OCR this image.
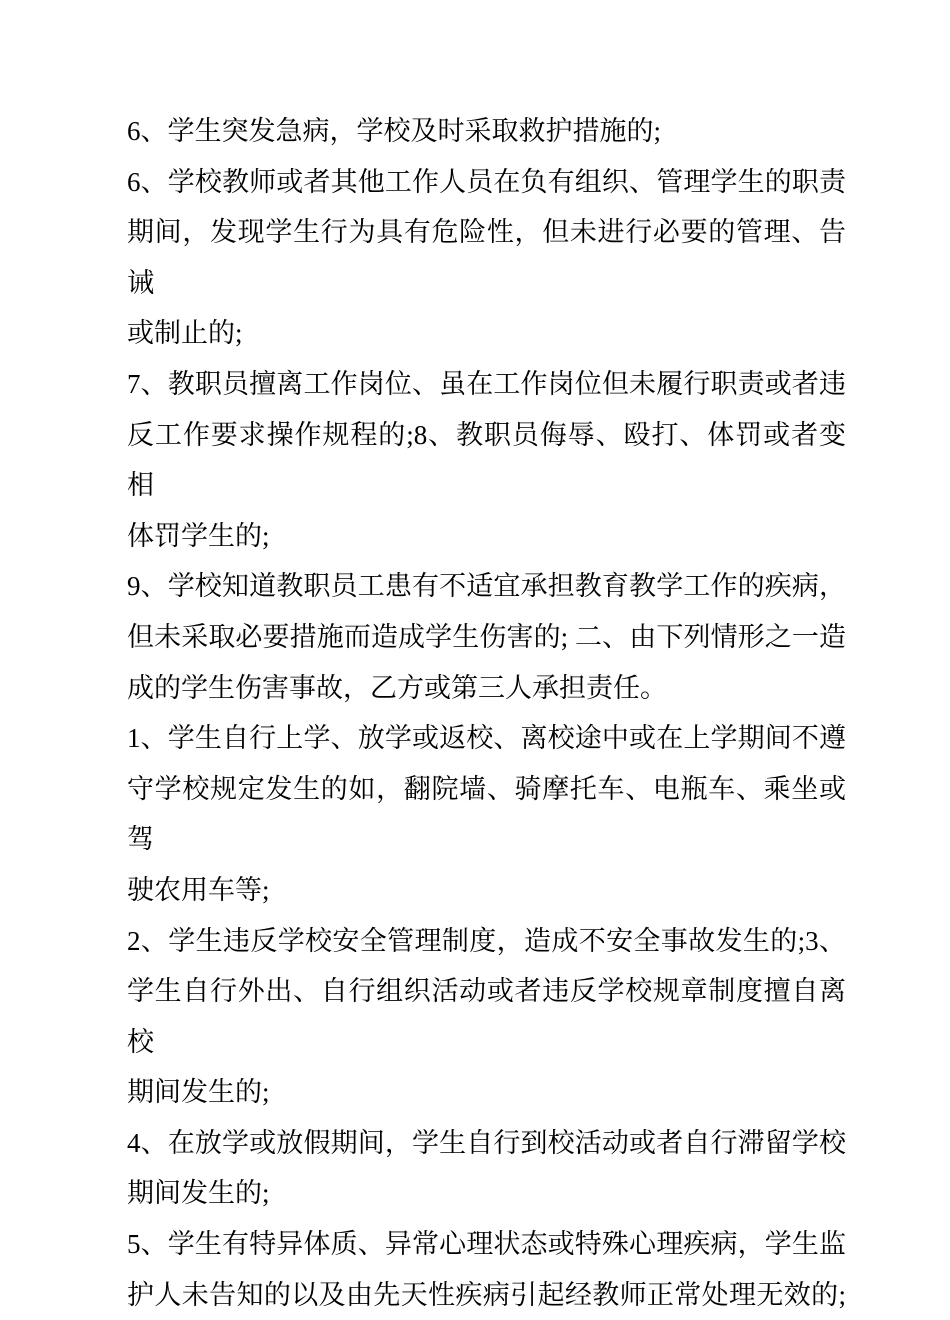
6、学生突发急病，学校及时采取救护措施的;
6、学校教师或者其他工作人员在负有组织、管理学生的职责
期间，发现学生行为具有危险性，但未进行必要的管理、告诫
或制止的;
7、教职员擅离工作岗位、虽在工作岗位但未履行职责或者违
反工作要求操作规程的;8、教职员侮辱、殴打、体罚或者变相
体罚学生的;
9、学校知道教职员工患有不适宜承担教育教学工作的疾病，
但未采取必要措施而造成学生伤害的; 二、由下列情形之一造
成的学生伤害事故，乙方或第三人承担责任。
1、学生自行上学、放学或返校、离校途中或在上学期间不遵
守学校规定发生的如，翻院墙、骑摩托车、电瓶车、乘坐或驾
驶农用车等;
2、学生违反学校安全管理制度，造成不安全事故发生的;3、
学生自行外出、自行组织活动或者违反学校规章制度擅自离校
期间发生的;
4、在放学或放假期间，学生自行到校活动或者自行滞留学校
期间发生的;
5、学生有特异体质、异常心理状态或特殊心理疾病，学生监
护人未告知的以及由先天性疾病引起经教师正常处理无效的;
